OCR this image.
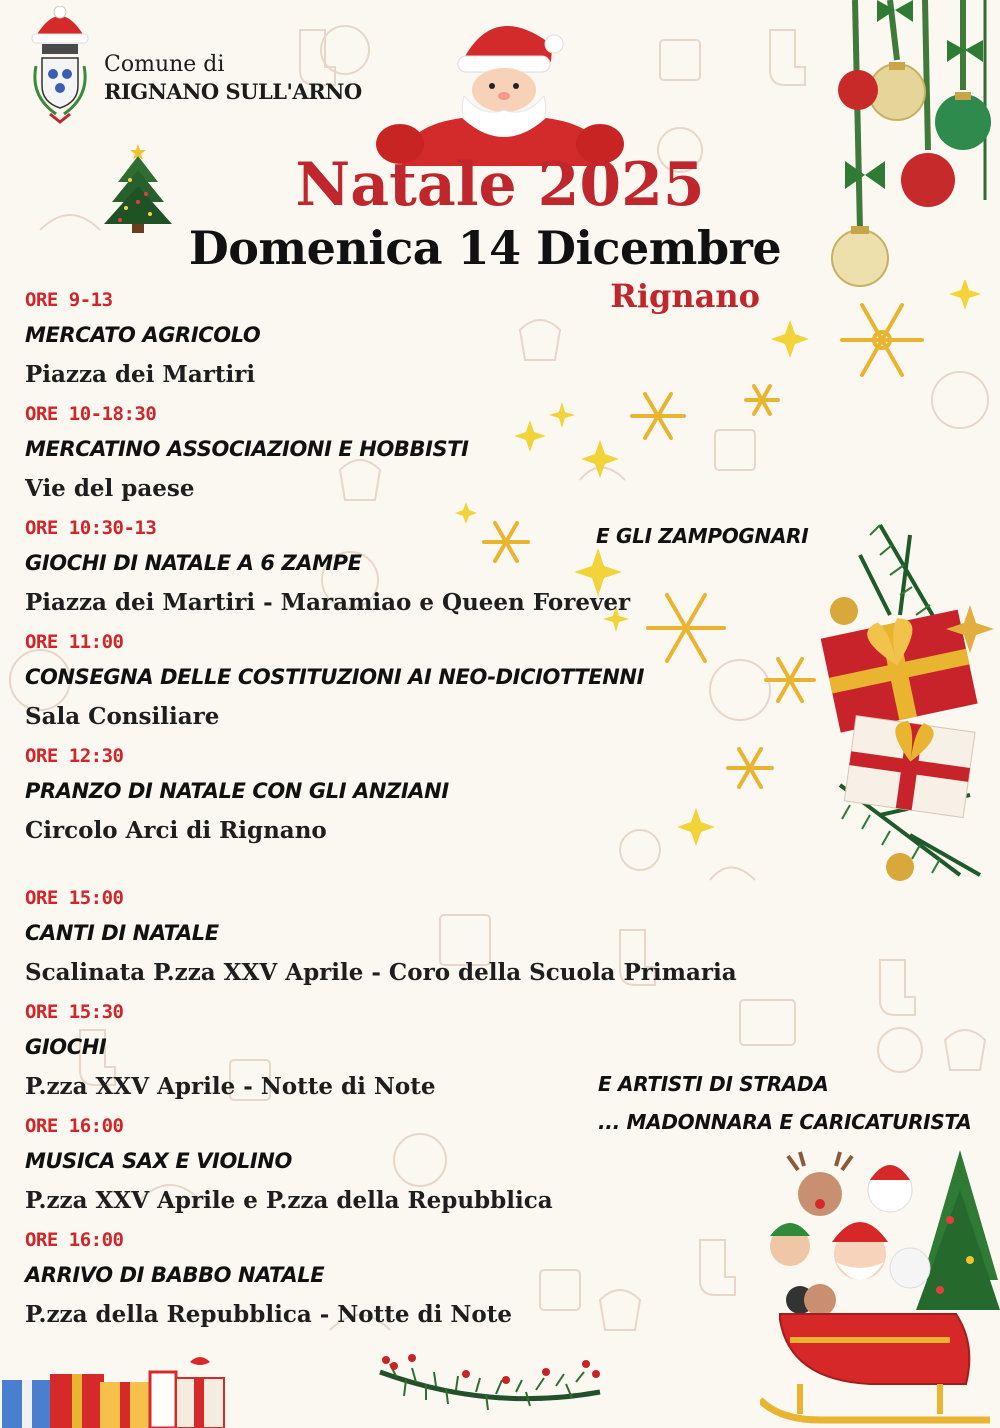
Comune di
RIGNANO SULL'ARNO
Natale 2025
Domenica 14 Dicembre
Rignano
ORE 9-13
MERCATO AGRICOLO
Piazza dei Martiri
ORE 10-18:30
MERCATINO ASSOCIAZIONI E HOBBISTI
Vie del paese
ORE 10:30-13
GIOCHI DI NATALE A 6 ZAMPE
Piazza dei Martiri - Maramiao e Queen Forever
ORE 11:00
CONSEGNA DELLE COSTITUZIONI AI NEO-DICIOTTENNI
Sala Consiliare
ORE 12:30
PRANZO DI NATALE CON GLI ANZIANI
Circolo Arci di Rignano
ORE 15:00
CANTI DI NATALE
Scalinata P.zza XXV Aprile - Coro della Scuola Primaria
ORE 15:30
GIOCHI
P.zza XXV Aprile - Notte di Note
ORE 16:00
MUSICA SAX E VIOLINO
P.zza XXV Aprile e P.zza della Repubblica
ORE 16:00
ARRIVO DI BABBO NATALE
P.zza della Repubblica - Notte di Note
E GLI ZAMPOGNARI
E ARTISTI DI STRADA
... MADONNARA E CARICATURISTA
